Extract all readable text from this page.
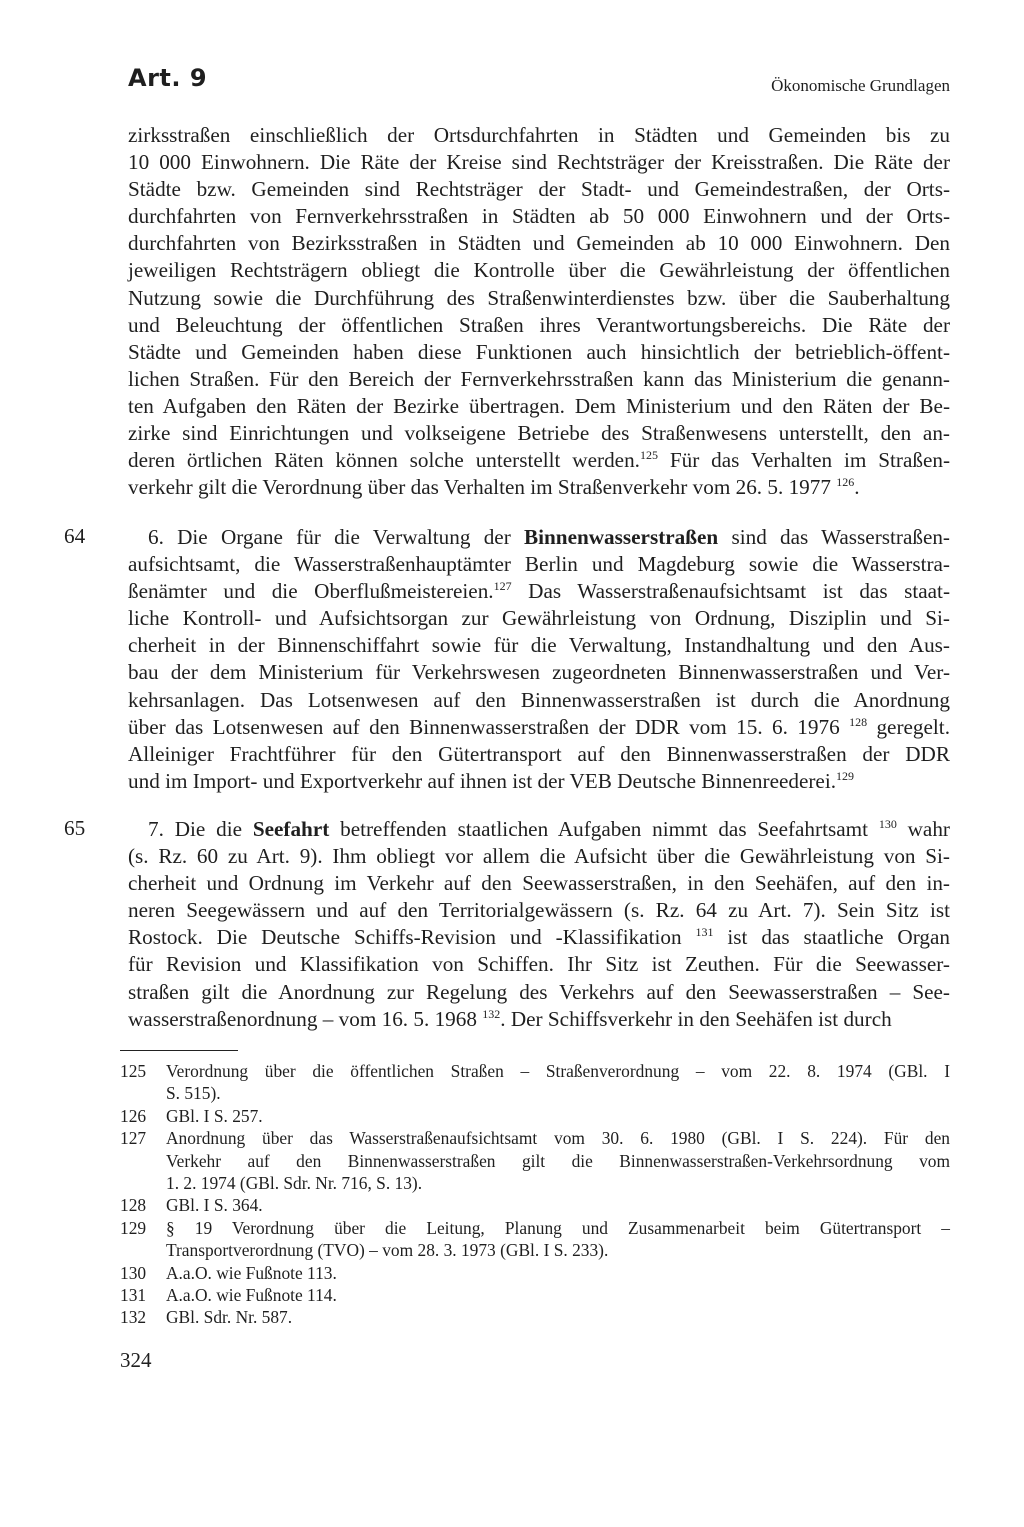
Art. 9	Ökonomische Grundlagen
64
65
zirksstraßen einschließlich der Ortsdurchfahrten in Städten und Gemeinden bis zu
10 000 Einwohnern. Die Räte der Kreise sind Rechtsträger der Kreisstraßen. Die Räte der
Städte bzw. Gemeinden sind Rechtsträger der Stadt- und Gemeindestraßen, der Orts-
durchfahrten von Fernverkehrsstraßen in Städten ab 50 000 Einwohnern und der Orts-
durchfahrten von Bezirksstraßen in Städten und Gemeinden ab 10 000 Einwohnern. Den
jeweiligen Rechtsträgern obliegt die Kontrolle über die Gewährleistung der öffentlichen
Nutzung sowie die Durchführung des Straßenwinterdienstes bzw. über die Sauberhaltung
und Beleuchtung der öffentlichen Straßen ihres Verantwortungsbereichs. Die Räte der
Städte und Gemeinden haben diese Funktionen auch hinsichtlich der betrieblich-öffent-
lichen Straßen. Für den Bereich der Fernverkehrsstraßen kann das Ministerium die genann-
ten Aufgaben den Räten der Bezirke übertragen. Dem Ministerium und den Räten der Be-
zirke sind Einrichtungen und volkseigene Betriebe des Straßenwesens unterstellt, den an-
deren örtlichen Räten können solche unterstellt werden.$^{125}$ Für das Verhalten im Straßen-
verkehr gilt die Verordnung über das Verhalten im Straßenverkehr vom 26. 5. 1977 $^{126}$.
6. Die Organe für die Verwaltung der Binnenwasserstraßen sind das Wasserstraßen-
aufsichtsamt, die Wasserstraßenhauptämter Berlin und Magdeburg sowie die Wasserstra-
ßenämter und die Oberflußmeistereien.$^{127}$ Das Wasserstraßenaufsichtsamt ist das staat-
liche Kontroll- und Aufsichtsorgan zur Gewährleistung von Ordnung, Disziplin und Si-
cherheit in der Binnenschiffahrt sowie für die Verwaltung, Instandhaltung und den Aus-
bau der dem Ministerium für Verkehrswesen zugeordneten Binnenwasserstraßen und Ver-
kehrsanlagen. Das Lotsenwesen auf den Binnenwasserstraßen ist durch die Anordnung
über das Lotsenwesen auf den Binnenwasserstraßen der DDR vom 15. 6. 1976 $^{128}$ geregelt.
Alleiniger Frachtführer für den Gütertransport auf den Binnenwasserstraßen der DDR
und im Import- und Exportverkehr auf ihnen ist der VEB Deutsche Binnenreederei.$^{129}$
7. Die die Seefahrt betreffenden staatlichen Aufgaben nimmt das Seefahrtsamt $^{130}$ wahr
(s. Rz. 60 zu Art. 9). Ihm obliegt vor allem die Aufsicht über die Gewährleistung von Si-
cherheit und Ordnung im Verkehr auf den Seewasserstraßen, in den Seehäfen, auf den in-
neren Seegewässern und auf den Territorialgewässern (s. Rz. 64 zu Art. 7). Sein Sitz ist
Rostock. Die Deutsche Schiffs-Revision und -Klassifikation $^{131}$ ist das staatliche Organ
für Revision und Klassifikation von Schiffen. Ihr Sitz ist Zeuthen. Für die Seewasser-
straßen gilt die Anordnung zur Regelung des Verkehrs auf den Seewasserstraßen – See-
wasserstraßenordnung – vom 16. 5. 1968 $^{132}$. Der Schiffsverkehr in den Seehäfen ist durch
125	Verordnung über die öffentlichen Straßen – Straßenverordnung – vom 22. 8. 1974 (GBl. I
S. 515).
126	GBl. I S. 257.
127	Anordnung über das Wasserstraßenaufsichtsamt vom 30. 6. 1980 (GBl. I S. 224). Für den
Verkehr auf den Binnenwasserstraßen gilt die Binnenwasserstraßen-Verkehrsordnung vom
1. 2. 1974 (GBl. Sdr. Nr. 716, S. 13).
128	GBl. I S. 364.
129	§ 19 Verordnung über die Leitung, Planung und Zusammenarbeit beim Gütertransport –
Transportverordnung (TVO) – vom 28. 3. 1973 (GBl. I S. 233).
130	A.a.O. wie Fußnote 113.
131	A.a.O. wie Fußnote 114.
132	GBl. Sdr. Nr. 587.
324
